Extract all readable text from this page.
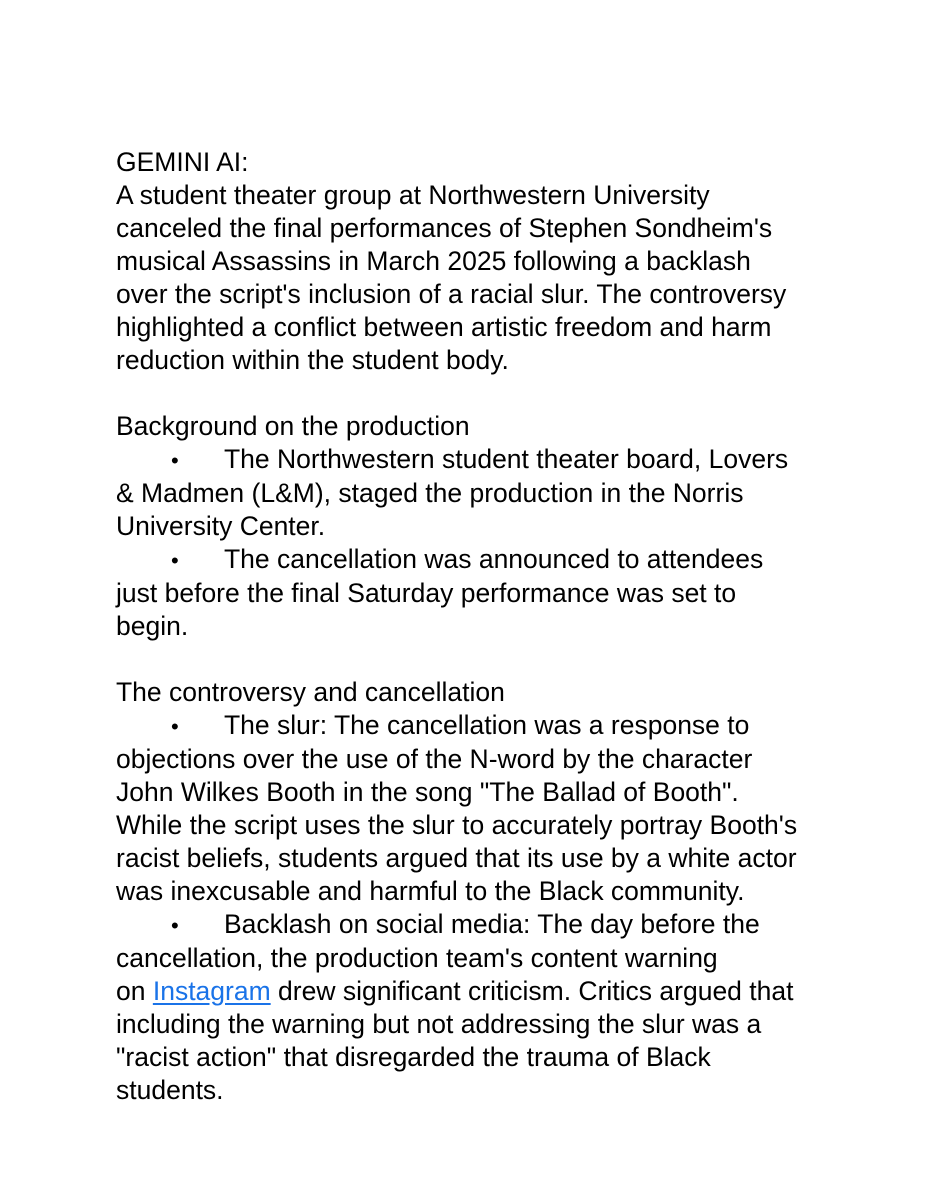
GEMINI AI:

A student theater group at Northwestern University canceled the final performances of Stephen Sondheim's musical Assassins in March 2025 following a backlash over the script's inclusion of a racial slur. The controversy highlighted a conflict between artistic freedom and harm reduction within the student body.

Background on the production

• The Northwestern student theater board, Lovers & Madmen (L&M), staged the production in the Norris University Center.

• The cancellation was announced to attendees just before the final Saturday performance was set to begin.

The controversy and cancellation

• The slur: The cancellation was a response to objections over the use of the N-word by the character John Wilkes Booth in the song "The Ballad of Booth". While the script uses the slur to accurately portray Booth's racist beliefs, students argued that its use by a white actor was inexcusable and harmful to the Black community.

• Backlash on social media: The day before the cancellation, the production team's content warning
on Instagram drew significant criticism. Critics argued that including the warning but not addressing the slur was a "racist action" that disregarded the trauma of Black students.
